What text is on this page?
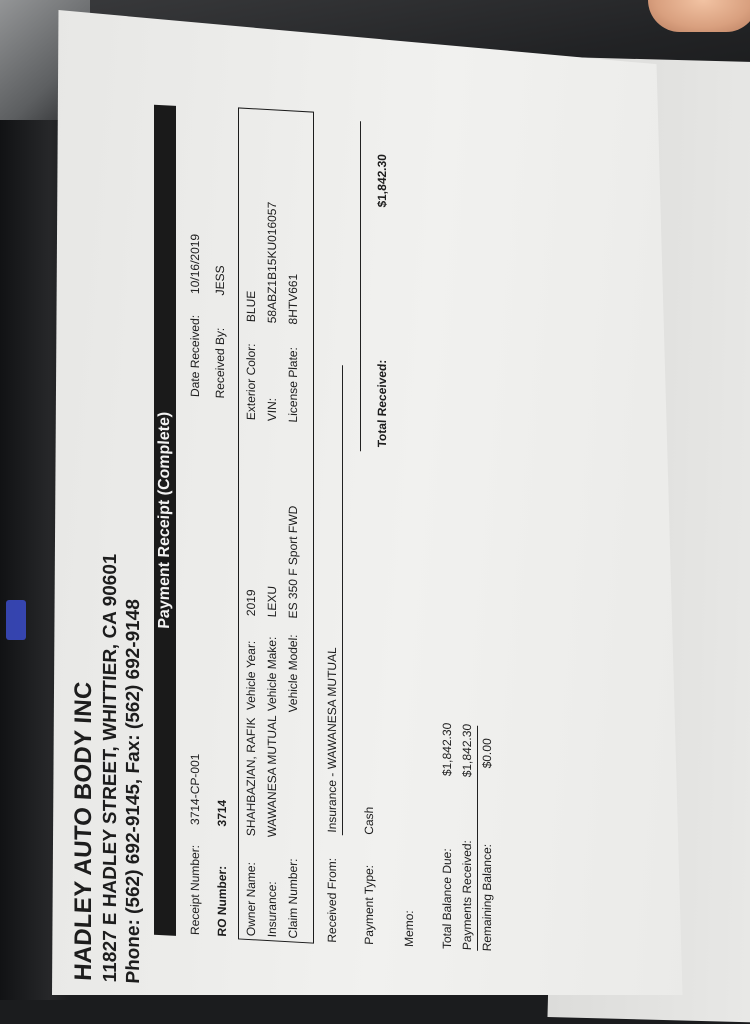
HADLEY AUTO BODY INC 11827 E HADLEY STREET, WHITTIER, CA 90601 Phone: (562) 692-9145, Fax: (562) 692-9148
Payment Receipt (Complete)
Receipt Number:
3714-CP-001
Date Received:
10/16/2019
RO Number:
3714
Received By:
JESS
Owner Name:
SHAHBAZIAN, RAFIK
Insurance:
WAWANESA MUTUAL
Claim Number:
Vehicle Year:
2019
Vehicle Make:
LEXU
Vehicle Model:
ES 350 F Sport FWD
Exterior Color:
BLUE
VIN:
58ABZ1B15KU016057
License Plate:
8HTV661
Received From:
Insurance - WAWANESA MUTUAL
Payment Type:
Cash
Total Received:
$1,842.30
Memo: Total Balance Due:
$1,842.30
Payments Received:
$1,842.30
Remaining Balance:
$0.00
